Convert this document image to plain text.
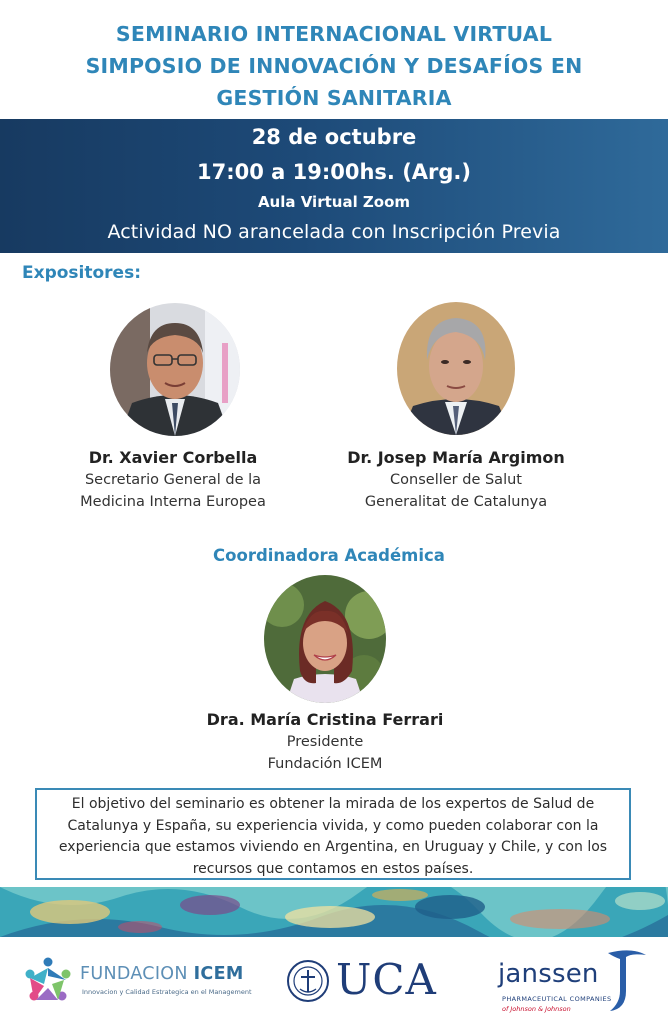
SEMINARIO INTERNACIONAL VIRTUAL
SIMPOSIO DE INNOVACIÓN Y DESAFÍOS EN
GESTIÓN SANITARIA
28 de octubre
17:00 a 19:00hs. (Arg.)
Aula Virtual Zoom
Actividad NO arancelada con Inscripción Previa
Expositores:
Dr. Xavier Corbella
Secretario General de la
Medicina Interna Europea
Dr. Josep María Argimon
Conseller de Salut
Generalitat de Catalunya
Coordinadora Académica
Dra. María Cristina Ferrari
Presidente
Fundación ICEM
El objetivo del seminario es obtener la mirada de los expertos de Salud de Catalunya y España, su experiencia vivida, y como pueden colaborar con la experiencia que estamos viviendo en Argentina, en Uruguay y Chile, y con los recursos que contamos en estos países.
FUNDACION ICEM
Innovacion y Calidad Estrategica en el Management UCA janssen
PHARMACEUTICAL COMPANIES
of Johnson & Johnson
